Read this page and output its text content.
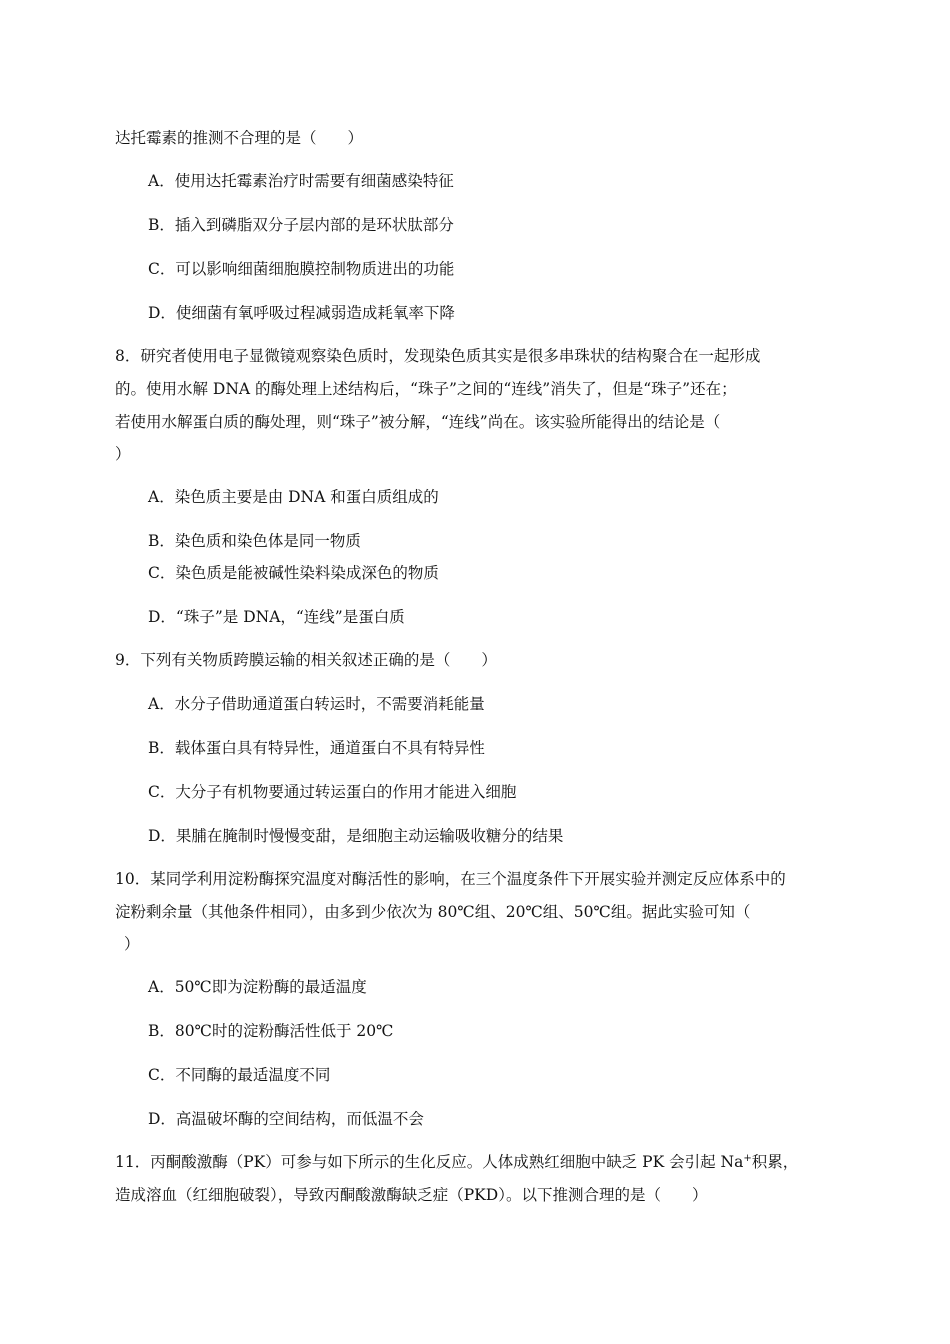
达托霉素的推测不合理的是（　　）
A．使用达托霉素治疗时需要有细菌感染特征
B．插入到磷脂双分子层内部的是环状肽部分
C．可以影响细菌细胞膜控制物质进出的功能
D．使细菌有氧呼吸过程减弱造成耗氧率下降
8．研究者使用电子显微镜观察染色质时，发现染色质其实是很多串珠状的结构聚合在一起形成
的。使用水解 DNA 的酶处理上述结构后，“珠子”之间的“连线”消失了，但是“珠子”还在；
若使用水解蛋白质的酶处理，则“珠子”被分解，“连线”尚在。该实验所能得出的结论是（
）
A．染色质主要是由 DNA 和蛋白质组成的
B．染色质和染色体是同一物质
C．染色质是能被碱性染料染成深色的物质
D．“珠子”是 DNA，“连线”是蛋白质
9．下列有关物质跨膜运输的相关叙述正确的是（　　）
A．水分子借助通道蛋白转运时，不需要消耗能量
B．载体蛋白具有特异性，通道蛋白不具有特异性
C．大分子有机物要通过转运蛋白的作用才能进入细胞
D．果脯在腌制时慢慢变甜，是细胞主动运输吸收糖分的结果
10．某同学利用淀粉酶探究温度对酶活性的影响，在三个温度条件下开展实验并测定反应体系中的
淀粉剩余量（其他条件相同），由多到少依次为 80℃组、20℃组、50℃组。据此实验可知（
）
A．50℃即为淀粉酶的最适温度
B．80℃时的淀粉酶活性低于 20℃
C．不同酶的最适温度不同
D．高温破坏酶的空间结构，而低温不会
11．丙酮酸激酶（PK）可参与如下所示的生化反应。人体成熟红细胞中缺乏 PK 会引起 Na+积累，
造成溶血（红细胞破裂），导致丙酮酸激酶缺乏症（PKD）。以下推测合理的是（　　）
